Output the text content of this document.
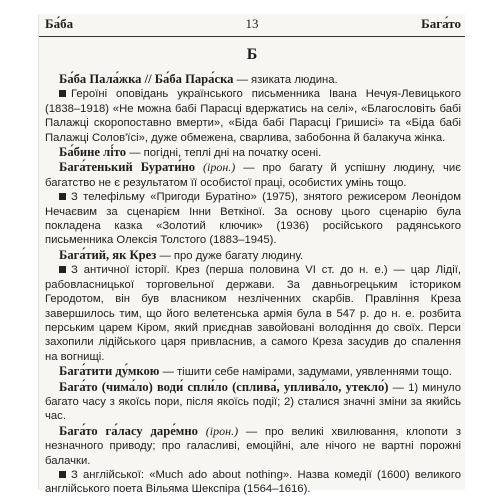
Ба́ба	13	Бага́то
Б

Ба́ба Пала́жка // Ба́ба Пара́ска — язиката людина.

Героїні оповідань українського письменника Івана Нечуя-Левицького (1838–1918) «Не можна бабі Парасці вдержатись на селі», «Благословіть бабі Палажці скоропоставно вмерти», «Біда бабі Парасці Гришисі» та «Біда бабі Палажці Солов'їсі», дуже обмежена, сварлива, забобонна й балакуча жінка.

Ба́бине лі́то — погідні, теплі дні на початку осені.

Бага́тенький Бурати́но (ірон.) — про багату й успішну людину, чиє багатство не є результатом її особистої праці, особистих умінь тощо.

З телефільму «Пригоди Буратіно» (1975), знятого режисером Леонідом Нечаєвим за сценарієм Інни Веткіної. За основу цього сценарію була покладена казка «Золотий ключик» (1936) російського радянського письменника Олексія Толстого (1883–1945).

Бага́тий, як Крез — про дуже багату людину.

З античної історії. Крез (перша половина VI ст. до н. е.) — цар Лідії, рабовласницької торговельної держави. За давньогрецьким істориком Геродотом, він був власником незліченних скарбів. Правління Креза завершилось тим, що його велетенська армія була в 547 р. до н. е. розбита перським царем Кіром, який приєднав завойовані володіння до своїх. Перси захопили лідійського царя привласнив, а самого Креза засудив до спалення на вогнищі.

Бага́тити ду́мкою — тішити себе намірами, задумами, уявленнями тощо.

Бага́то (чима́ло) води́ спли́ло (сплива́, уплива́ло, утекло́) — 1) минуло багато часу з якоїсь пори, після якоїсь події; 2) сталися значні зміни за якийсь час.

Бага́то га́ласу даре́мно (ірон.) — про великі хвилювання, клопоти з незначного приводу; про галасливі, емоційні, але нічого не вартні порожні балачки.

З англійської: «Much ado about nothing». Назва комедії (1600) великого англійського поета Вільяма Шекспіра (1564–1616).
